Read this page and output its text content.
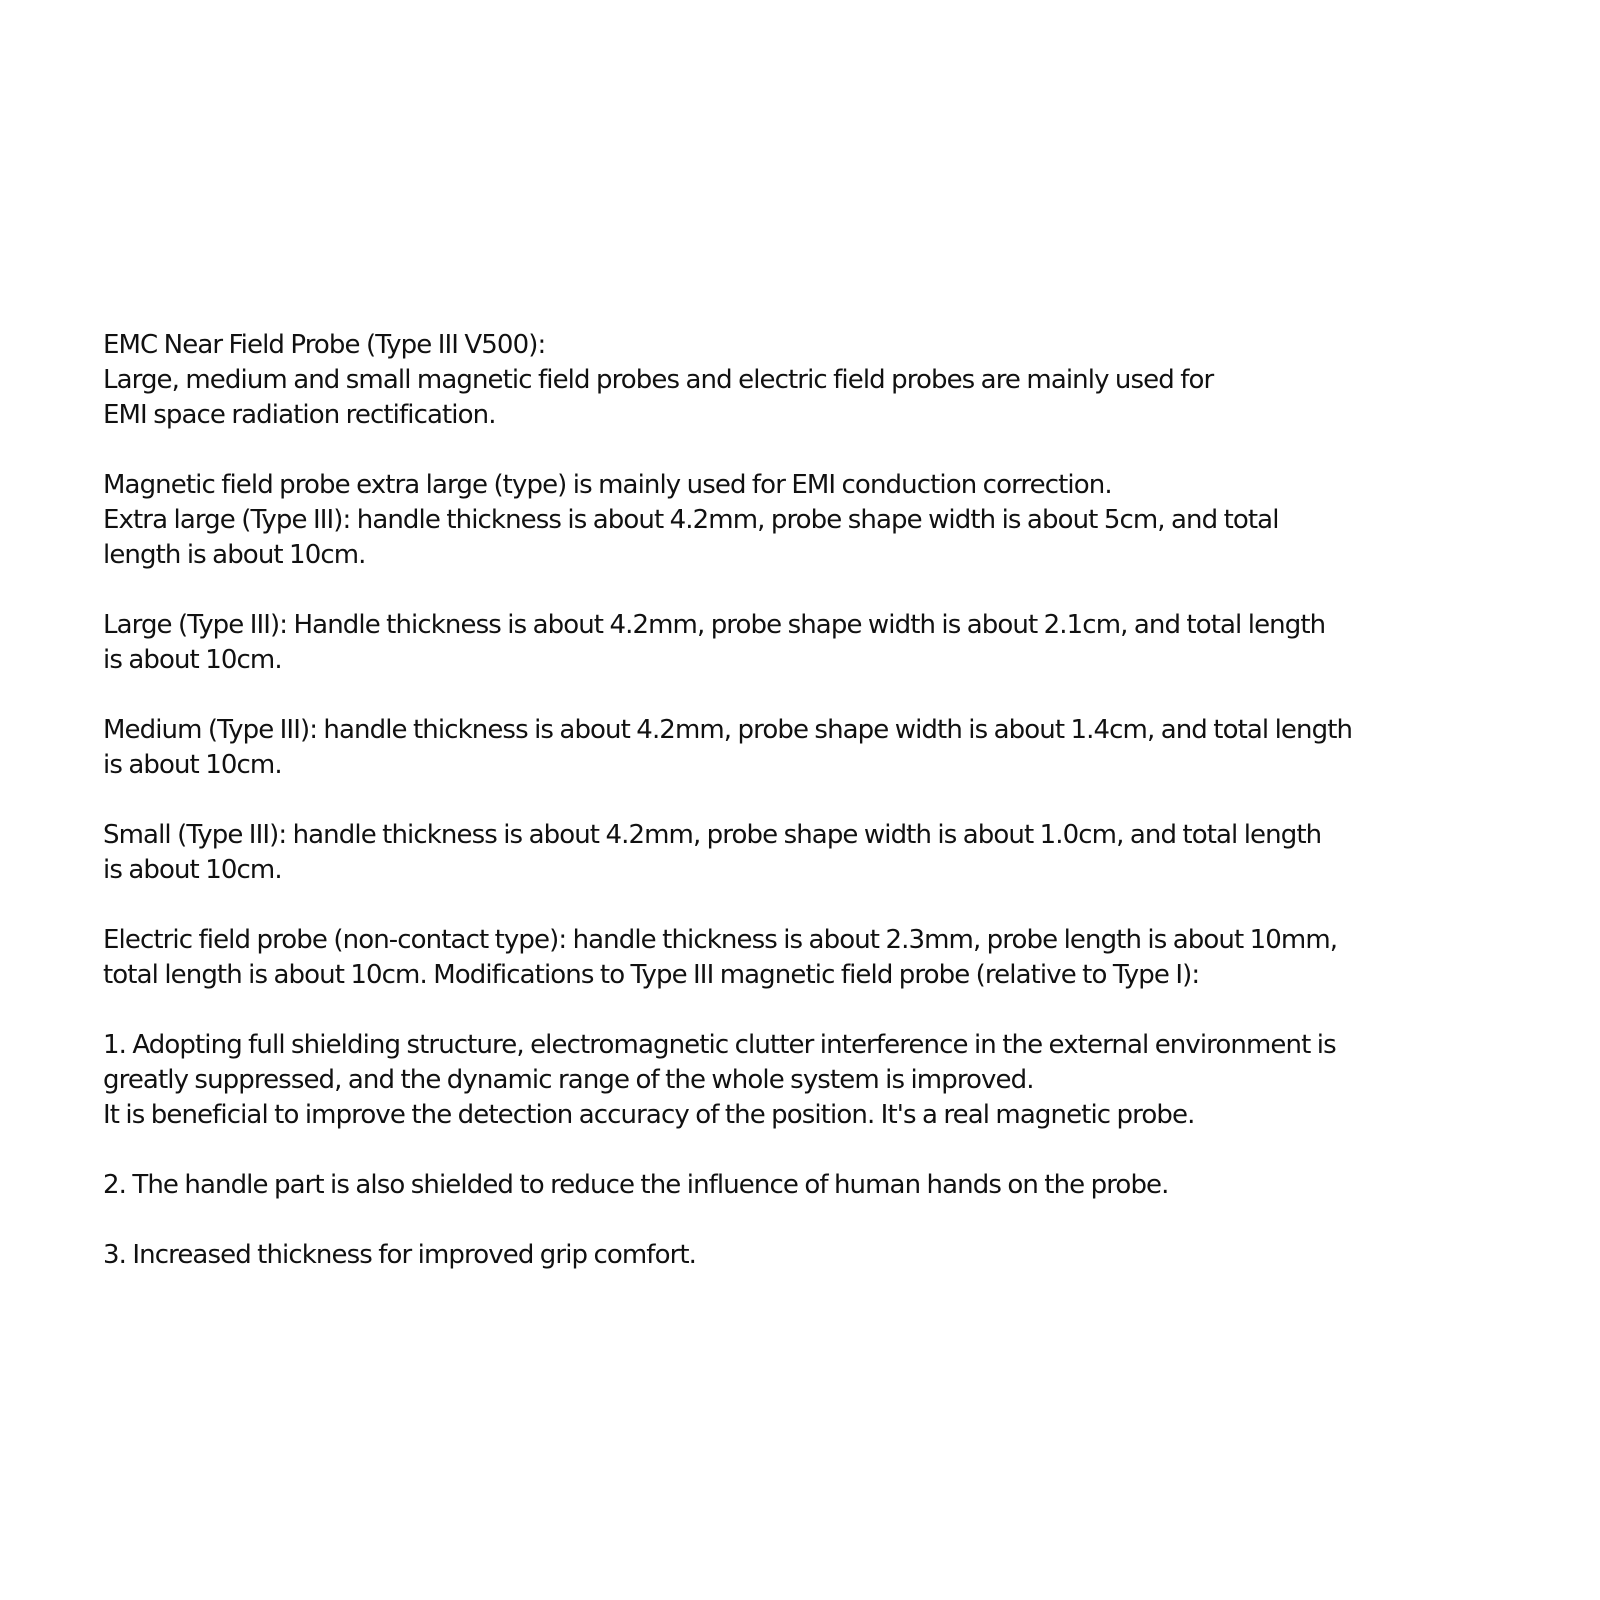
EMC Near Field Probe (Type III V500):
Large, medium and small magnetic field probes and electric field probes are mainly used for
EMI space radiation rectification.

Magnetic field probe extra large (type) is mainly used for EMI conduction correction.
Extra large (Type III): handle thickness is about 4.2mm, probe shape width is about 5cm, and total
length is about 10cm.

Large (Type III): Handle thickness is about 4.2mm, probe shape width is about 2.1cm, and total length
is about 10cm.

Medium (Type III): handle thickness is about 4.2mm, probe shape width is about 1.4cm, and total length
is about 10cm.

Small (Type III): handle thickness is about 4.2mm, probe shape width is about 1.0cm, and total length
is about 10cm.

Electric field probe (non-contact type): handle thickness is about 2.3mm, probe length is about 10mm,
total length is about 10cm. Modifications to Type III magnetic field probe (relative to Type I):

1. Adopting full shielding structure, electromagnetic clutter interference in the external environment is
greatly suppressed, and the dynamic range of the whole system is improved.
It is beneficial to improve the detection accuracy of the position. It's a real magnetic probe.

2. The handle part is also shielded to reduce the influence of human hands on the probe.

3. Increased thickness for improved grip comfort.
